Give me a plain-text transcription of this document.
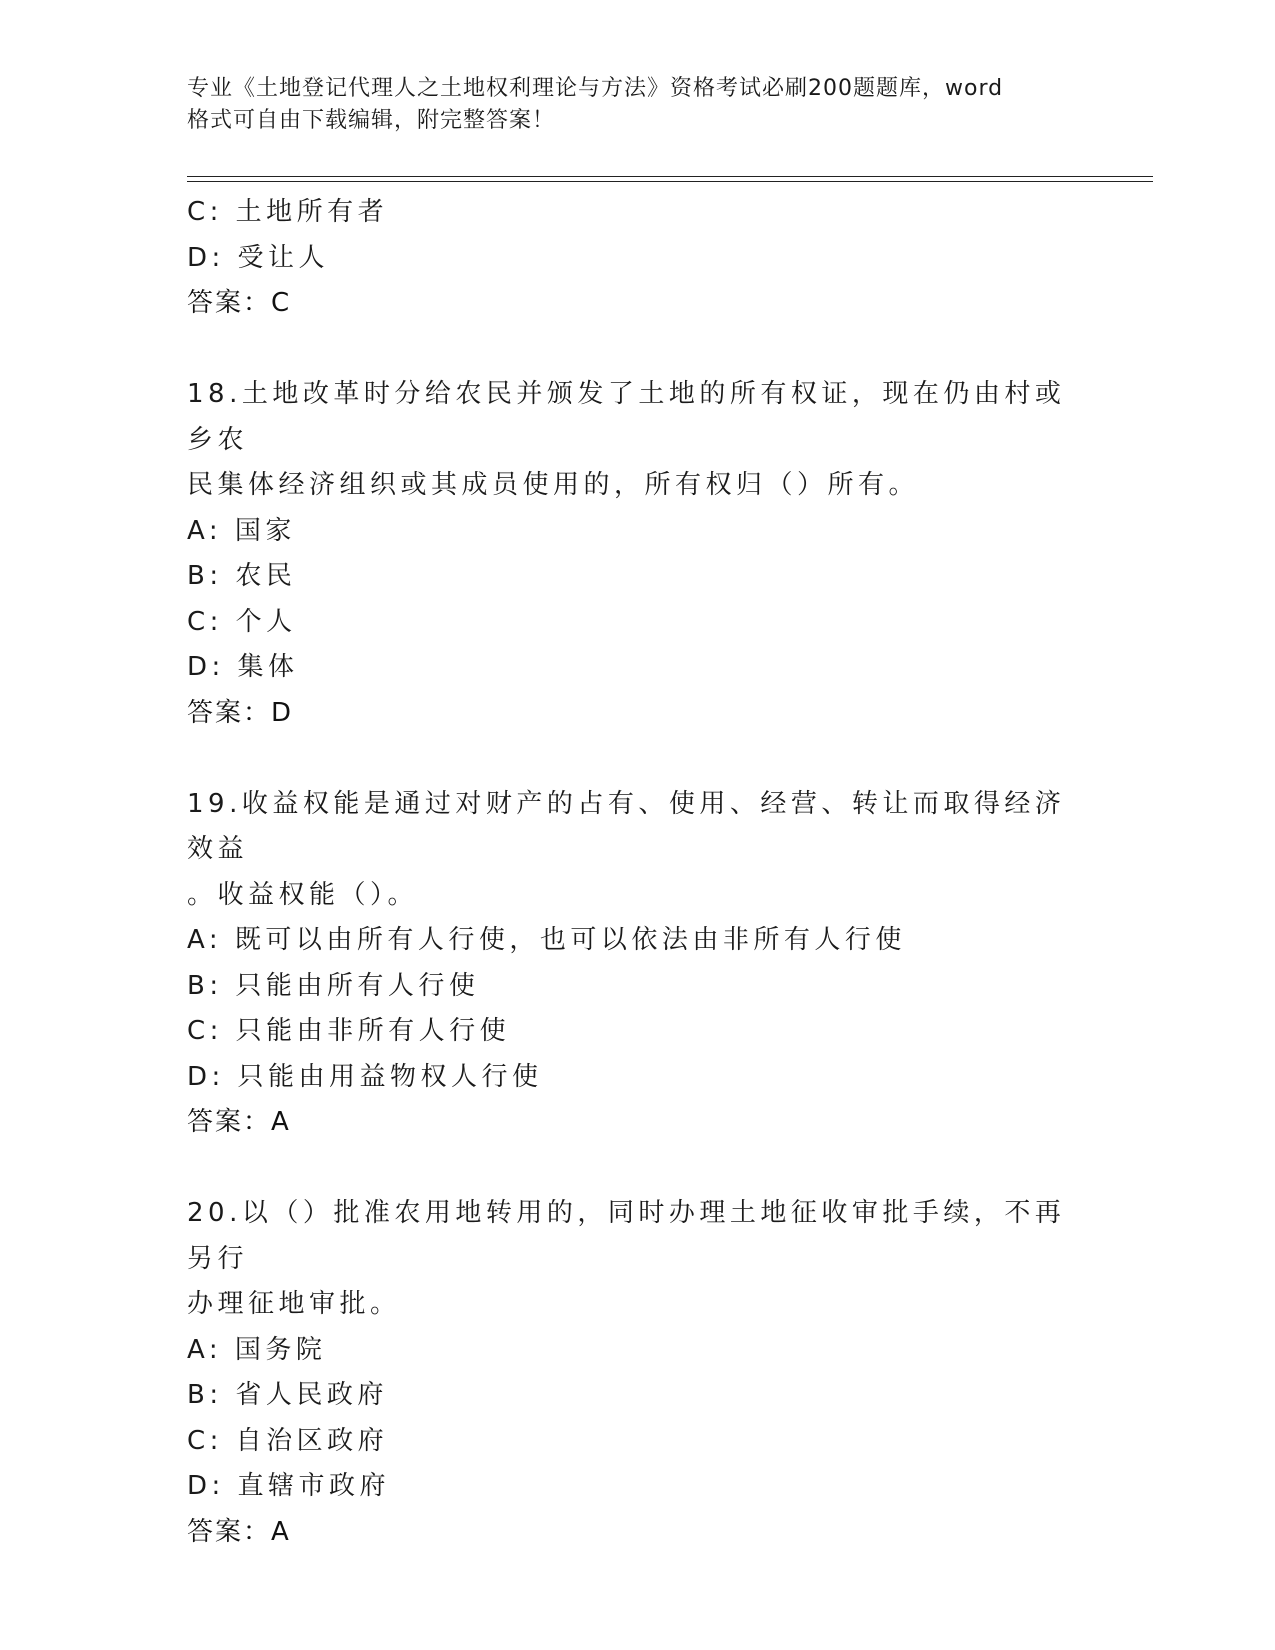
专业《土地登记代理人之土地权利理论与方法》资格考试必刷200题题库，word
格式可自由下载编辑，附完整答案！
C: 土地所有者
D: 受让人
答案：C
18.土地改革时分给农民并颁发了土地的所有权证，现在仍由村或乡农
民集体经济组织或其成员使用的，所有权归（）所有。
A: 国家
B: 农民
C: 个人
D: 集体
答案：D
19.收益权能是通过对财产的占有、使用、经营、转让而取得经济效益
。收益权能（）。
A: 既可以由所有人行使，也可以依法由非所有人行使
B: 只能由所有人行使
C: 只能由非所有人行使
D: 只能由用益物权人行使
答案：A
20.以（）批准农用地转用的，同时办理土地征收审批手续，不再另行
办理征地审批。
A: 国务院
B: 省人民政府
C: 自治区政府
D: 直辖市政府
答案：A
